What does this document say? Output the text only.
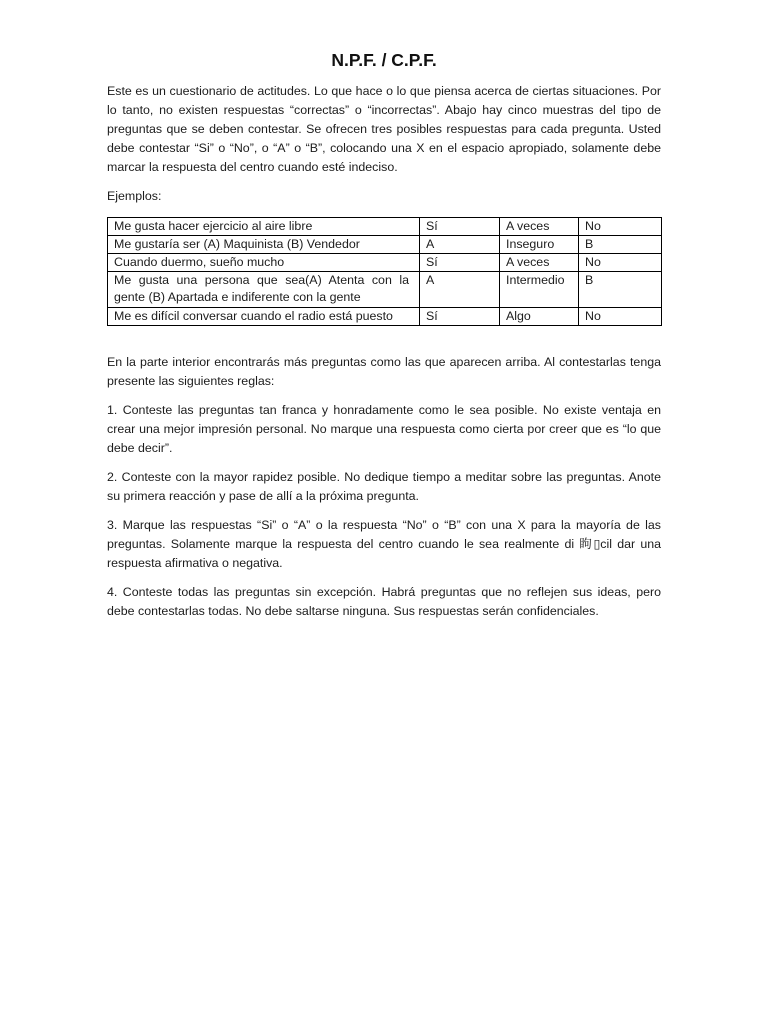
N.P.F. / C.P.F.

Este es un cuestionario de actitudes. Lo que hace o lo que piensa acerca de ciertas situaciones. Por lo tanto, no existen respuestas “correctas” o “incorrectas”. Abajo hay cinco muestras del tipo de preguntas que se deben contestar. Se ofrecen tres posibles respuestas para cada pregunta. Usted debe contestar “Si” o “No”, o “A” o “B”, colocando una X en el espacio apropiado, solamente debe marcar la respuesta del centro cuando esté indeciso.

Ejemplos:

Me gusta hacer ejercicio al aire libre	Sí	A veces	No
Me gustaría ser (A) Maquinista (B) Vendedor	A	Inseguro	B
Cuando duermo, sueño mucho	Sí	A veces	No
Me gusta una persona que sea(A) Atenta con la gente (B) Apartada e indiferente con la gente	A	Intermedio	B
Me es difícil conversar cuando el radio está puesto	Sí	Algo	No

En la parte interior encontrarás más preguntas como las que aparecen arriba. Al contestarlas tenga presente las siguientes reglas:

1. Conteste las preguntas tan franca y honradamente como le sea posible. No existe ventaja en crear una mejor impresión personal. No marque una respuesta como cierta por creer que es “lo que debe decir”.

2. Conteste con la mayor rapidez posible. No dedique tiempo a meditar sobre las preguntas. Anote su primera reacción y pase de allí a la próxima pregunta.

3. Marque las respuestas “Si” o “A” o la respuesta “No” o “B” con una X para la mayoría de las preguntas. Solamente marque la respuesta del centro cuando le sea realmente di 眗▯cil dar una respuesta afirmativa o negativa.

4. Conteste todas las preguntas sin excepción. Habrá preguntas que no reflejen sus ideas, pero debe contestarlas todas. No debe saltarse ninguna. Sus respuestas serán confidenciales.
